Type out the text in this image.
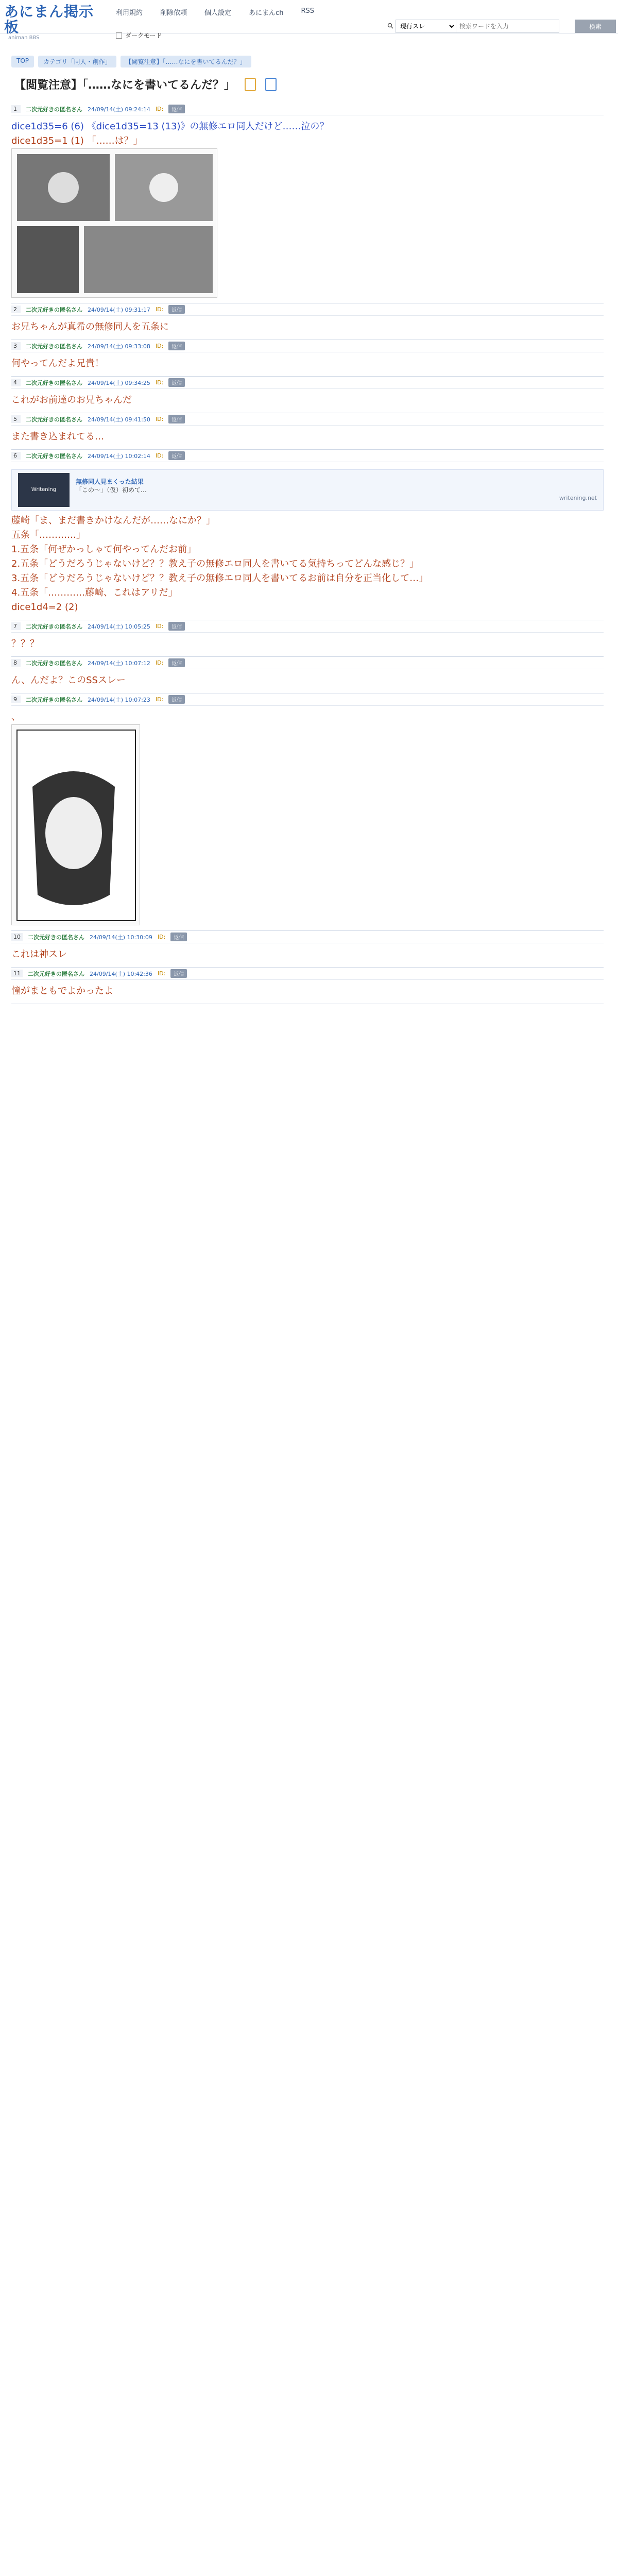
あにまん掲示板
animan BBS
利用規約	削除依頼	個人設定	あにまんch	RSS
ダークモード
現行スレ
検索ワードを入力
検索
TOP	カテゴリ「同人・創作」	【閲覧注意】「……なにを書いてるんだ？」
【閲覧注意】「……なにを書いてるんだ？」
1	二次元好きの匿名さん 24/09/14(土) 09:24:14 ID:	返信
dice1d35=6 (6) 《dice1d35=13 (13)》の無修エロ同人だけど……泣の？
dice1d35=1 (1) 「……は？」
2	二次元好きの匿名さん 24/09/14(土) 09:31:17 ID:	返信
お兄ちゃんが真希の無修同人を五条に
3	二次元好きの匿名さん 24/09/14(土) 09:33:08 ID:	返信
何やってんだよ兄貴！
4	二次元好きの匿名さん 24/09/14(土) 09:34:25 ID:	返信
これがお前達のお兄ちゃんだ
5	二次元好きの匿名さん 24/09/14(土) 09:41:50 ID:	返信
また書き込まれてる…
6	二次元好きの匿名さん 24/09/14(土) 10:02:14 ID:	返信
Writening
無修同人見まくった結果
「この〜」（仮）初めて…
writening.net
藤崎「ま、まだ書きかけなんだが……なにか？」
五条「…………」
1.五条「何ぜかっしゃて何やってんだお前」
2.五条「どうだろうじゃないけど？？教え子の無修エロ同人を書いてる気持ちってどんな感じ？」
3.五条「どうだろうじゃないけど？？教え子の無修エロ同人を書いてるお前は自分を正当化して…」
4.五条「…………藤崎、これはアリだ」
dice1d4=2 (2)
7	二次元好きの匿名さん 24/09/14(土) 10:05:25 ID:	返信
？？？
8	二次元好きの匿名さん 24/09/14(土) 10:07:12 ID:	返信
ん、んだよ？このSSスレー
9	二次元好きの匿名さん 24/09/14(土) 10:07:23 ID:	返信
、
10	二次元好きの匿名さん 24/09/14(土) 10:30:09 ID:	返信
これは神スレ
11	二次元好きの匿名さん 24/09/14(土) 10:42:36 ID:	返信
憧がまともでよかったよ
